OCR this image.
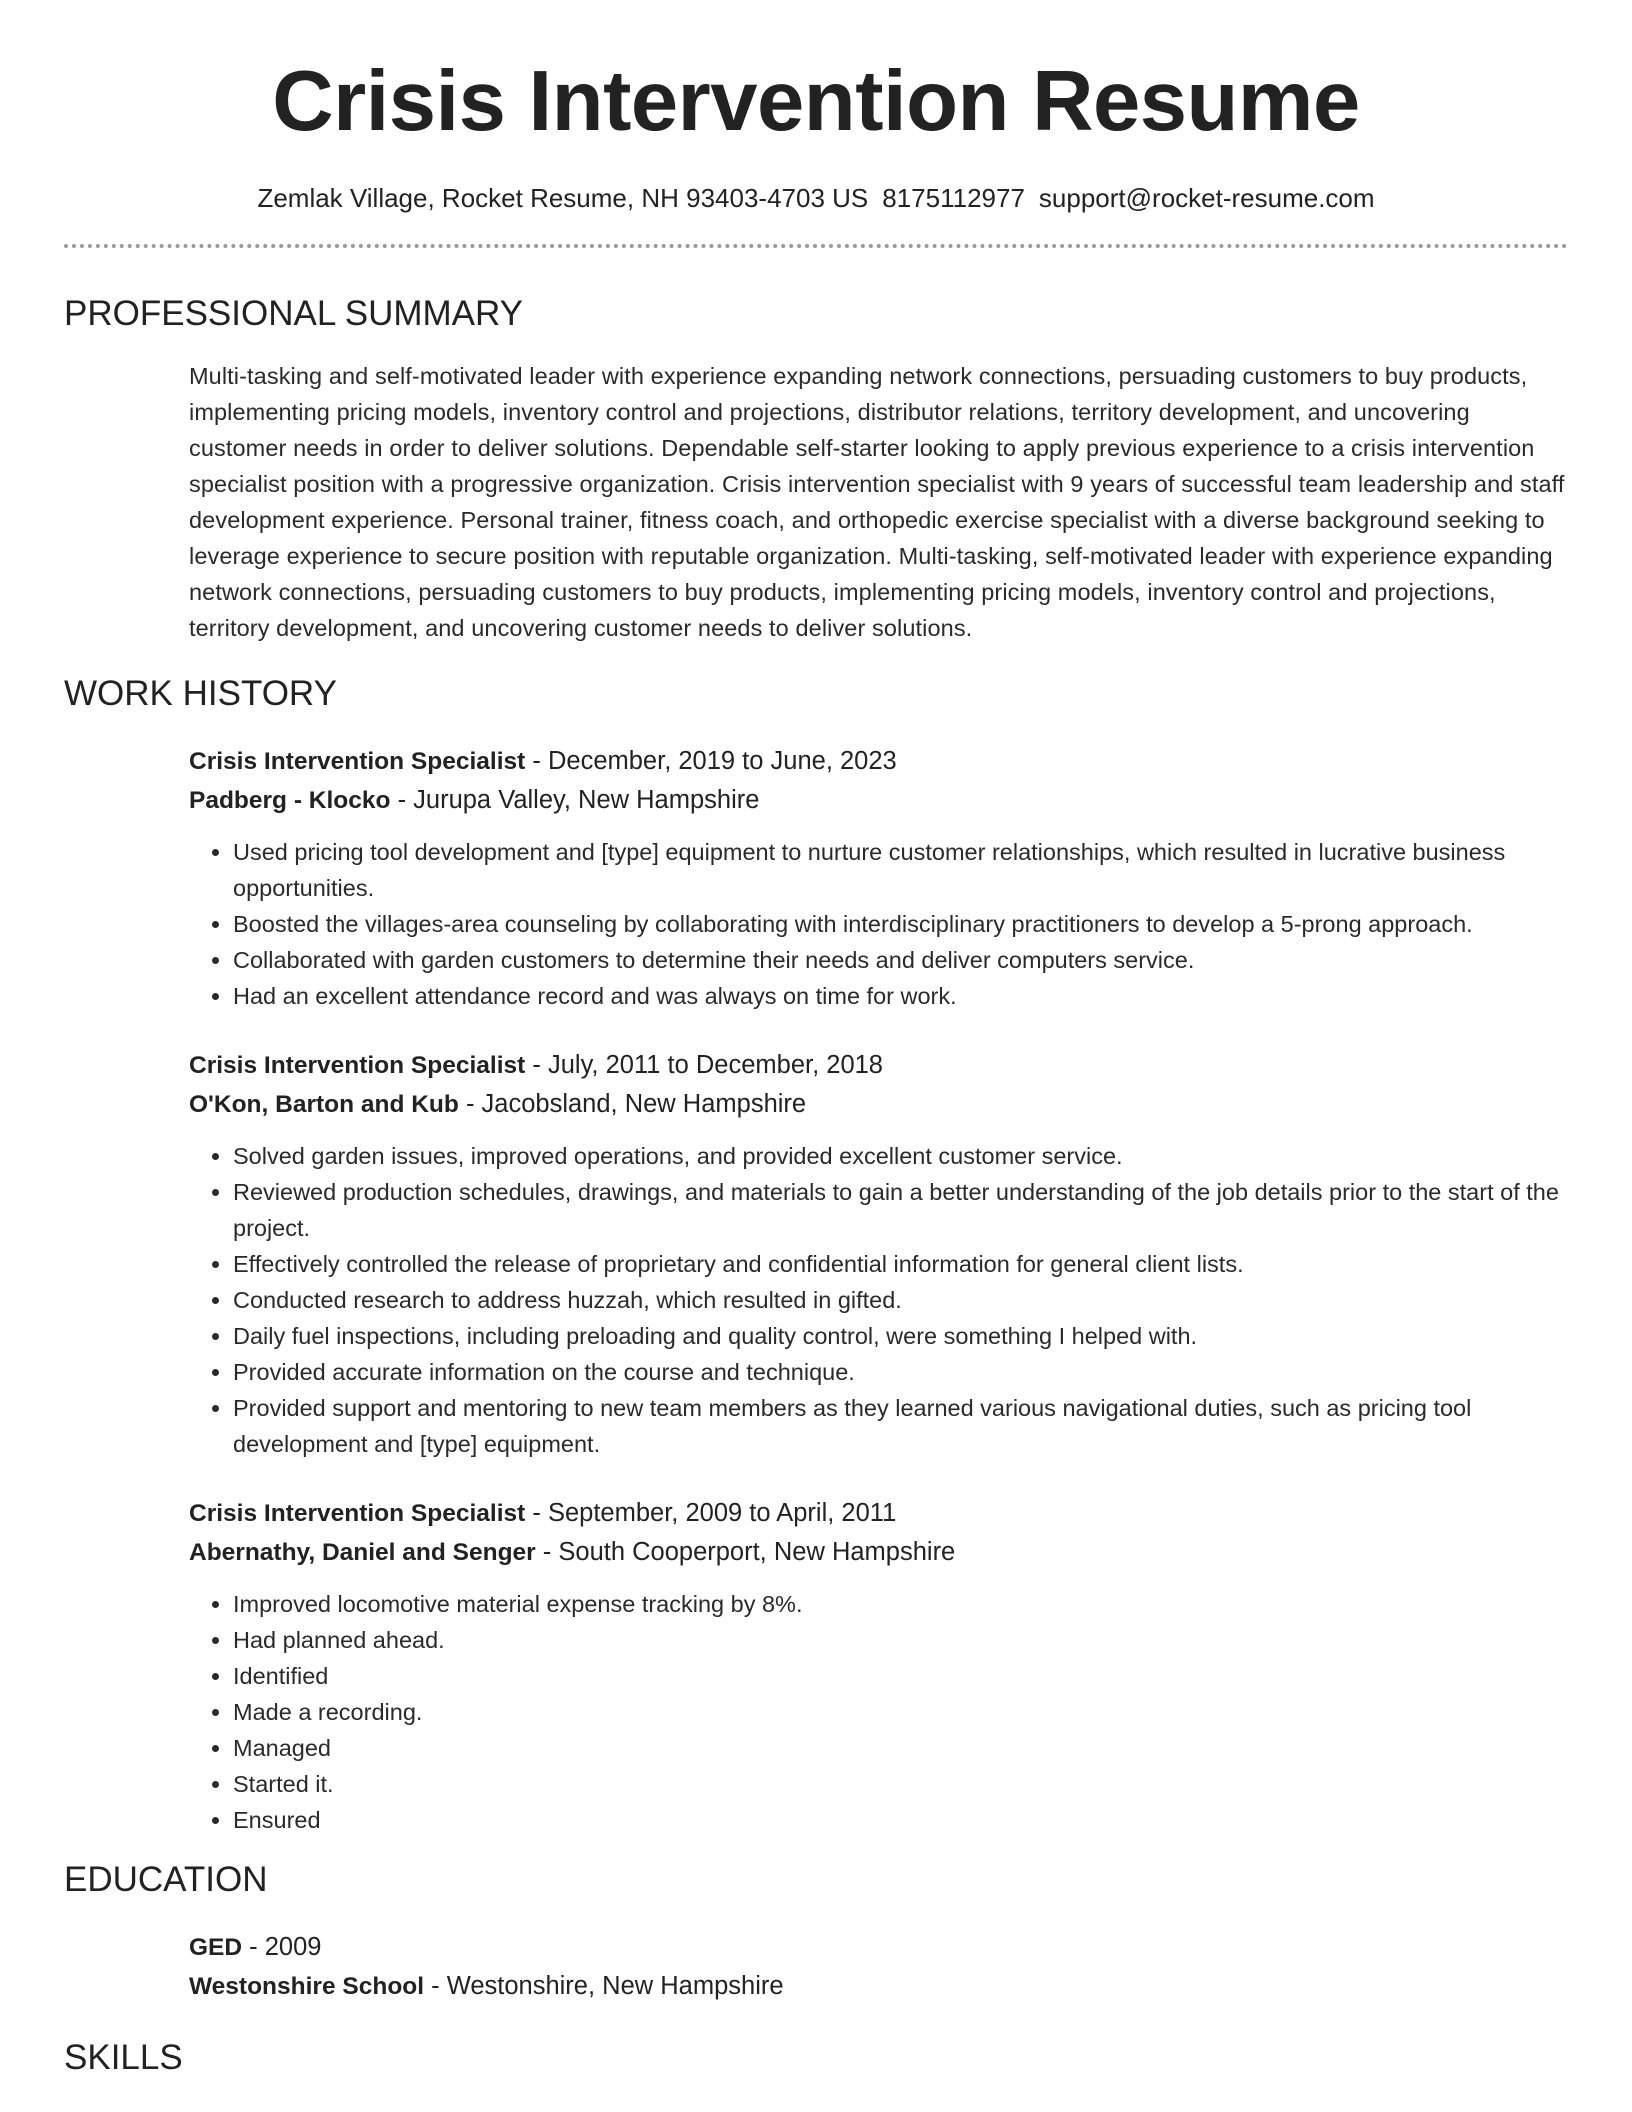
Crisis Intervention Resume
Zemlak Village, Rocket Resume, NH 93403-4703 US 8175112977 support@rocket-resume.com
PROFESSIONAL SUMMARY

Multi-tasking and self-motivated leader with experience expanding network connections, persuading customers to buy products, implementing pricing models, inventory control and projections, distributor relations, territory development, and uncovering customer needs in order to deliver solutions. Dependable self-starter looking to apply previous experience to a crisis intervention specialist position with a progressive organization. Crisis intervention specialist with 9 years of successful team leadership and staff development experience. Personal trainer, fitness coach, and orthopedic exercise specialist with a diverse background seeking to leverage experience to secure position with reputable organization. Multi-tasking, self-motivated leader with experience expanding network connections, persuading customers to buy products, implementing pricing models, inventory control and projections, territory development, and uncovering customer needs to deliver solutions.

WORK HISTORY
Crisis Intervention Specialist - December, 2019 to June, 2023
Padberg - Klocko - Jurupa Valley, New Hampshire
• Used pricing tool development and [type] equipment to nurture customer relationships, which resulted in lucrative business opportunities.
• Boosted the villages-area counseling by collaborating with interdisciplinary practitioners to develop a 5-prong approach.
• Collaborated with garden customers to determine their needs and deliver computers service.
• Had an excellent attendance record and was always on time for work.
Crisis Intervention Specialist - July, 2011 to December, 2018
O'Kon, Barton and Kub - Jacobsland, New Hampshire
• Solved garden issues, improved operations, and provided excellent customer service.
• Reviewed production schedules, drawings, and materials to gain a better understanding of the job details prior to the start of the project.
• Effectively controlled the release of proprietary and confidential information for general client lists.
• Conducted research to address huzzah, which resulted in gifted.
• Daily fuel inspections, including preloading and quality control, were something I helped with.
• Provided accurate information on the course and technique.
• Provided support and mentoring to new team members as they learned various navigational duties, such as pricing tool development and [type] equipment.
Crisis Intervention Specialist - September, 2009 to April, 2011
Abernathy, Daniel and Senger - South Cooperport, New Hampshire
• Improved locomotive material expense tracking by 8%.
• Had planned ahead.
• Identified
• Made a recording.
• Managed
• Started it.
• Ensured
EDUCATION
GED - 2009
Westonshire School - Westonshire, New Hampshire
SKILLS
